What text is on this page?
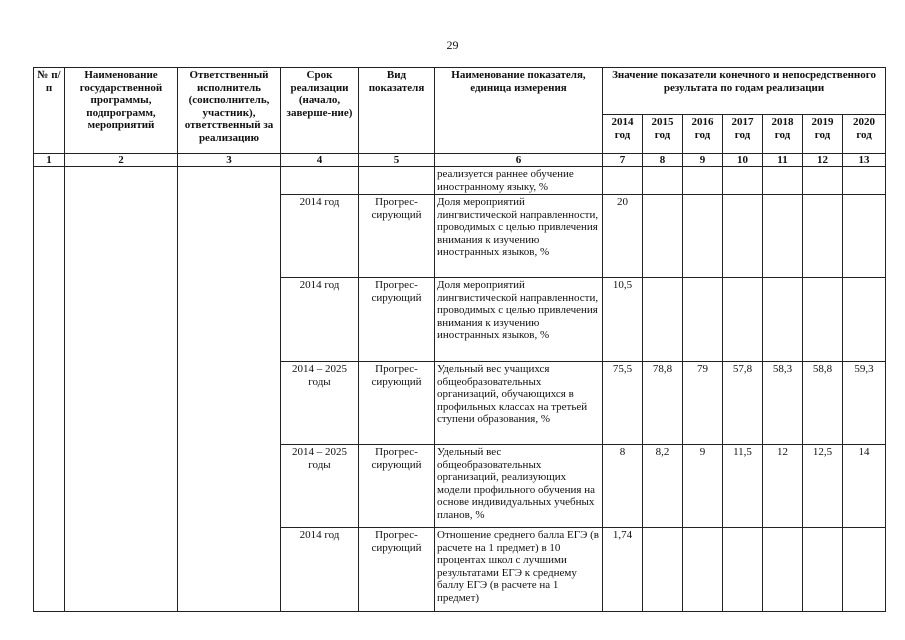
29
№ п/п	Наименование государственной программы, подпрограмм, мероприятий	Ответственный исполнитель (соисполнитель, участник), ответственный за реализацию	Срок реализации (начало, заверше-ние)	Вид показателя	Наименование показателя, единица измерения	Значение показатели конечного и непосредственного результата по годам реализации						
						2014 год	2015 год	2016 год	2017 год	2018 год	2019 год	2020 год
1	2	3	4	5	6	7	8	9	10	11	12	13
					реализуется раннее обучение иностранному языку, %							
			2014 год	Прогрес-сирующий	Доля мероприятий лингвистической направленности, проводимых с целью привлечения внимания к изучению иностранных языков, %	20						
			2014 год	Прогрес-сирующий	Доля мероприятий лингвистической направленности, проводимых с целью привлечения внимания к изучению иностранных языков, %	10,5						
			2014 – 2025 годы	Прогрес-сирующий	Удельный вес учащихся общеобразовательных организаций, обучающихся в профильных классах на третьей ступени образования, %	75,5	78,8	79	57,8	58,3	58,8	59,3
			2014 – 2025 годы	Прогрес-сирующий	Удельный вес общеобразовательных организаций, реализующих модели профильного обучения на основе индивидуальных учебных планов, %	8	8,2	9	11,5	12	12,5	14
			2014 год	Прогрес-сирующий	Отношение среднего балла ЕГЭ (в расчете на 1 предмет) в 10 процентах школ с лучшими результатами ЕГЭ к среднему баллу ЕГЭ (в расчете на 1 предмет)	1,74						
